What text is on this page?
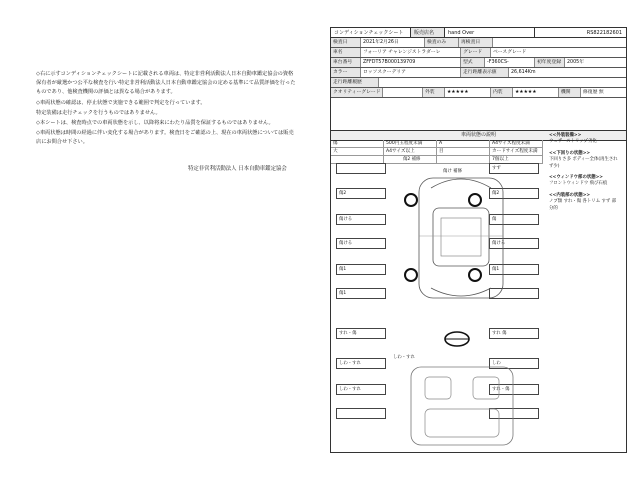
◇右に示すコンディションチェックシートに記載される車両は、特定非営利活動法人日本自動車鑑定協会の資格保有者が厳選かつ公平な検査を行い特定非営利活動法人日本自動車鑑定協会の定める基準にて品質評価を行ったものであり、他検査機関の評価とは異なる場合があります。

◇車両状態の確認は、停止状態で実施できる範囲で判定を行っています。

特定装備は走行チェックを行うものではありません。

◇本シートは、検査時点での車両状態を示し、以降将来にわたり品質を保証するものではありません。

◇車両状態は時間の経過に伴い変化する場合があります。検査日をご確認の上、現在の車両状態については販売店にお問合せ下さい。

特定非営利活動法人 日本自動車鑑定協会
コンディションチェックシート	販売店名	hand Over	RS822182601
検査日	2021年2月26日	検査のみ	再検査日
車名	フォーリア チャレンジストラダーレ	グレード	ベースグレード
車台番号	ZFFDT57B000139709	型式	-F360CS-	初年度登録	2005年
カラー	ロッソスクーデリア	走行距離表示値	26,614Km
走行距離履歴
クオリティーグレード	外装	★★★★★	内装	★★★★★	機関	修復歴 無
車両状態の説明
傷	500円玉程度未満	A	A4サイズ程度未満
大	A4サイズ以上	目	カードサイズ程度未満
7個以上
傷2
傷ける
傷ける
傷1
傷1
すれ・傷
しわ・すれ
しわ・すれ
すず
傷2
傷
傷ける
傷1
すれ 傷
しわ
すれ・傷
<<外装装備>>
ウェザーストリップ劣化
<<下回りの状態>>
下回りさ多 ボディー全体(再生されず少)
<<ウィンドウ部の状態>>
フロントウィンドウ 飛び石痕
<<内装部の状態>>
ノブ類 すれ・傷 各トリム すず 部分的
傷2 補修
傷け 補修
しわ・すれ
